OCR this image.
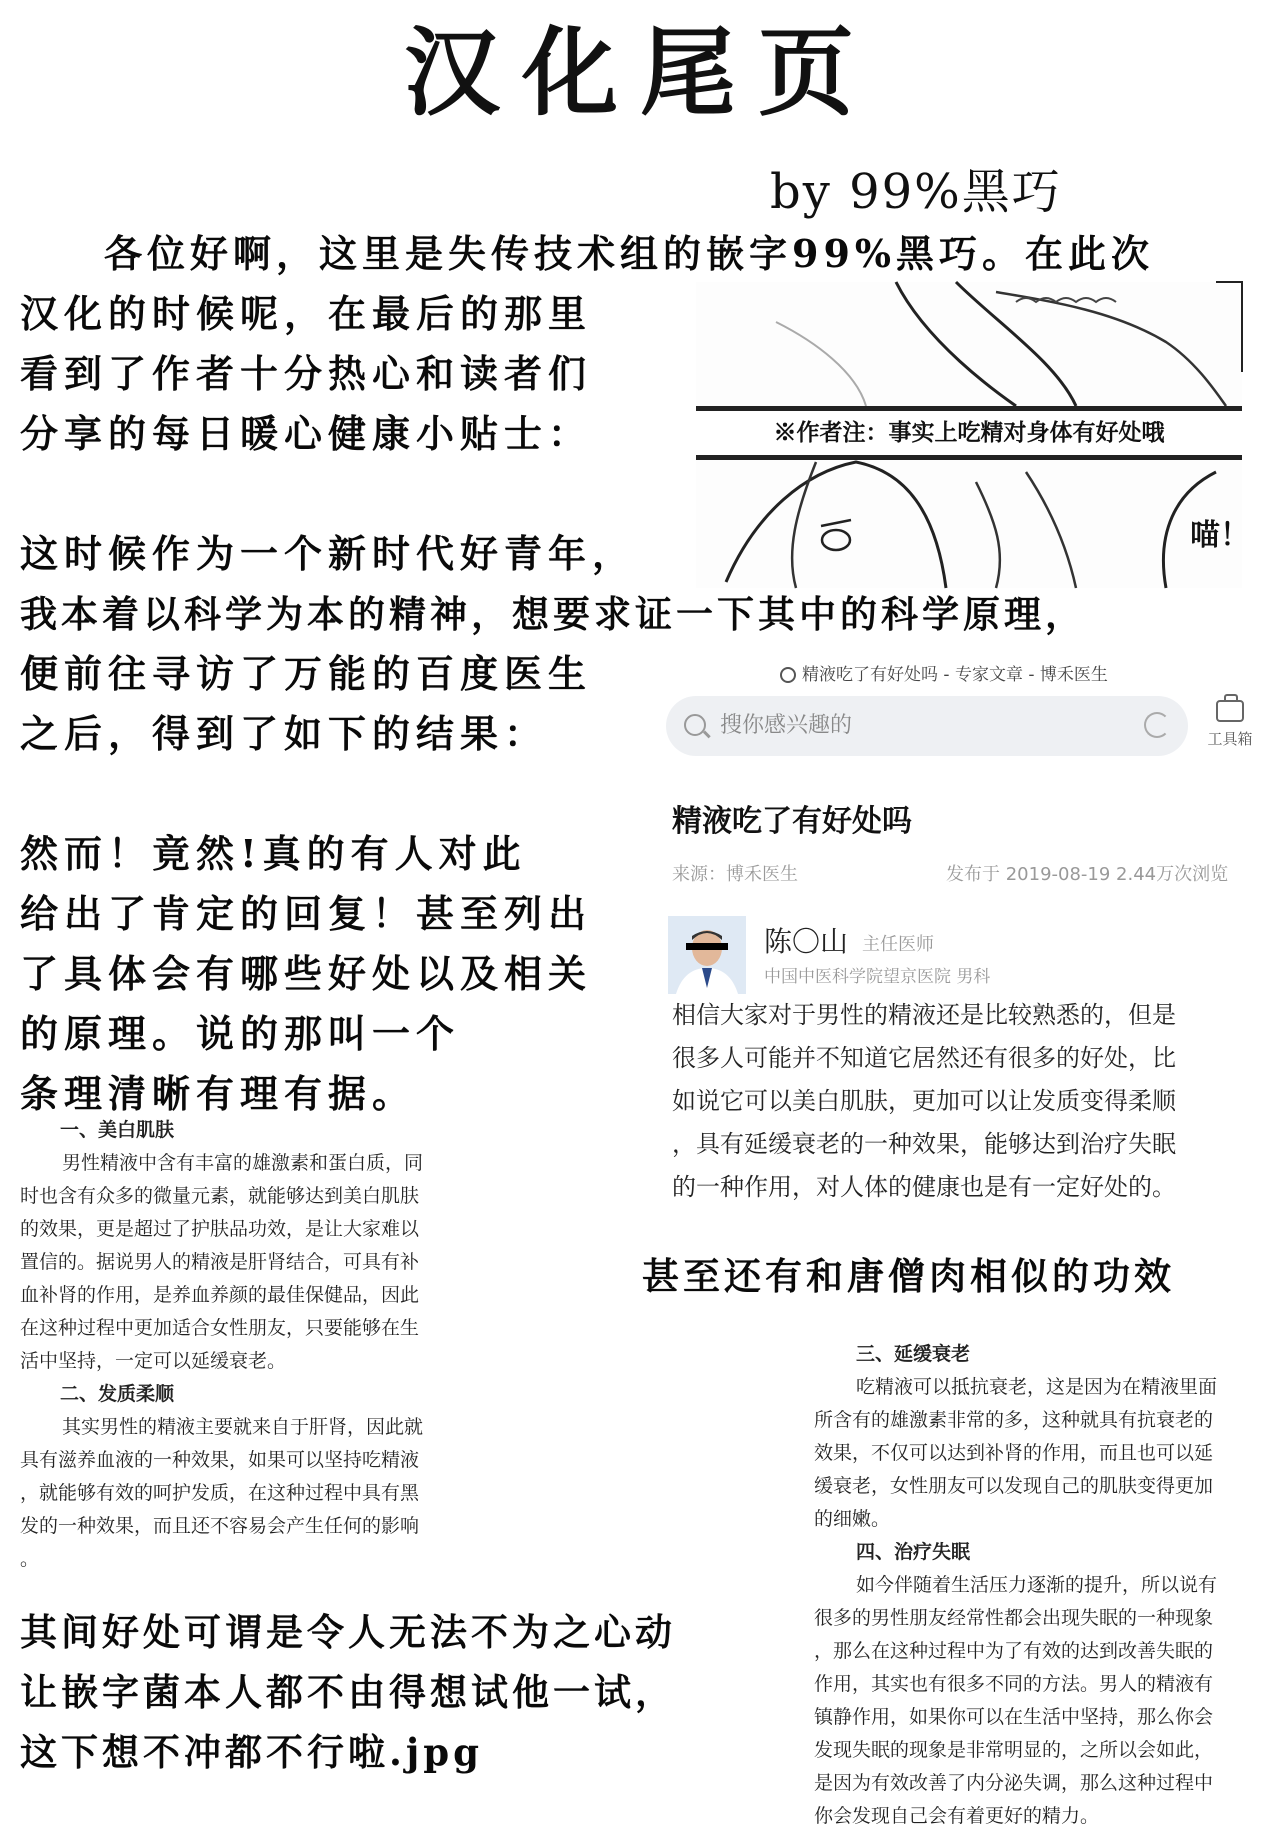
汉化尾页
by 99%黑巧
各位好啊，这里是失传技术组的嵌字99%黑巧。在此次
汉化的时候呢，在最后的那里
看到了作者十分热心和读者们
分享的每日暖心健康小贴士：	※作者注：事实上吃精对身体有好处哦
喵！
这时候作为一个新时代好青年，
我本着以科学为本的精神，想要求证一下其中的科学原理，
便前往寻访了万能的百度医生
之后，得到了如下的结果：
精液吃了有好处吗 - 专家文章 - 博禾医生
搜你感兴趣的
工具箱
精液吃了有好处吗
来源：博禾医生	发布于 2019-08-19 2.44万次浏览
陈〇山 主任医师
中国中医科学院望京医院 男科
相信大家对于男性的精液还是比较熟悉的，但是
很多人可能并不知道它居然还有很多的好处，比
如说它可以美白肌肤，更加可以让发质变得柔顺
，具有延缓衰老的一种效果，能够达到治疗失眠
的一种作用，对人体的健康也是有一定好处的。
然而！竟然!真的有人对此
给出了肯定的回复！甚至列出
了具体会有哪些好处以及相关
的原理。说的那叫一个
条理清晰有理有据。
甚至还有和唐僧肉相似的功效
一、美白肌肤
男性精液中含有丰富的雄激素和蛋白质，同
时也含有众多的微量元素，就能够达到美白肌肤
的效果，更是超过了护肤品功效，是让大家难以
置信的。据说男人的精液是肝肾结合，可具有补
血补肾的作用，是养血养颜的最佳保健品，因此
在这种过程中更加适合女性朋友，只要能够在生
活中坚持，一定可以延缓衰老。
二、发质柔顺
其实男性的精液主要就来自于肝肾，因此就
具有滋养血液的一种效果，如果可以坚持吃精液
，就能够有效的呵护发质，在这种过程中具有黑
发的一种效果，而且还不容易会产生任何的影响
。
三、延缓衰老
吃精液可以抵抗衰老，这是因为在精液里面
所含有的雄激素非常的多，这种就具有抗衰老的
效果，不仅可以达到补肾的作用，而且也可以延
缓衰老，女性朋友可以发现自己的肌肤变得更加
的细嫩。
四、治疗失眠
如今伴随着生活压力逐渐的提升，所以说有
很多的男性朋友经常性都会出现失眠的一种现象
，那么在这种过程中为了有效的达到改善失眠的
作用，其实也有很多不同的方法。男人的精液有
镇静作用，如果你可以在生活中坚持，那么你会
发现失眠的现象是非常明显的，之所以会如此，
是因为有效改善了内分泌失调，那么这种过程中
你会发现自己会有着更好的精力。
其间好处可谓是令人无法不为之心动
让嵌字菌本人都不由得想试他一试，
这下想不冲都不行啦.jpg
